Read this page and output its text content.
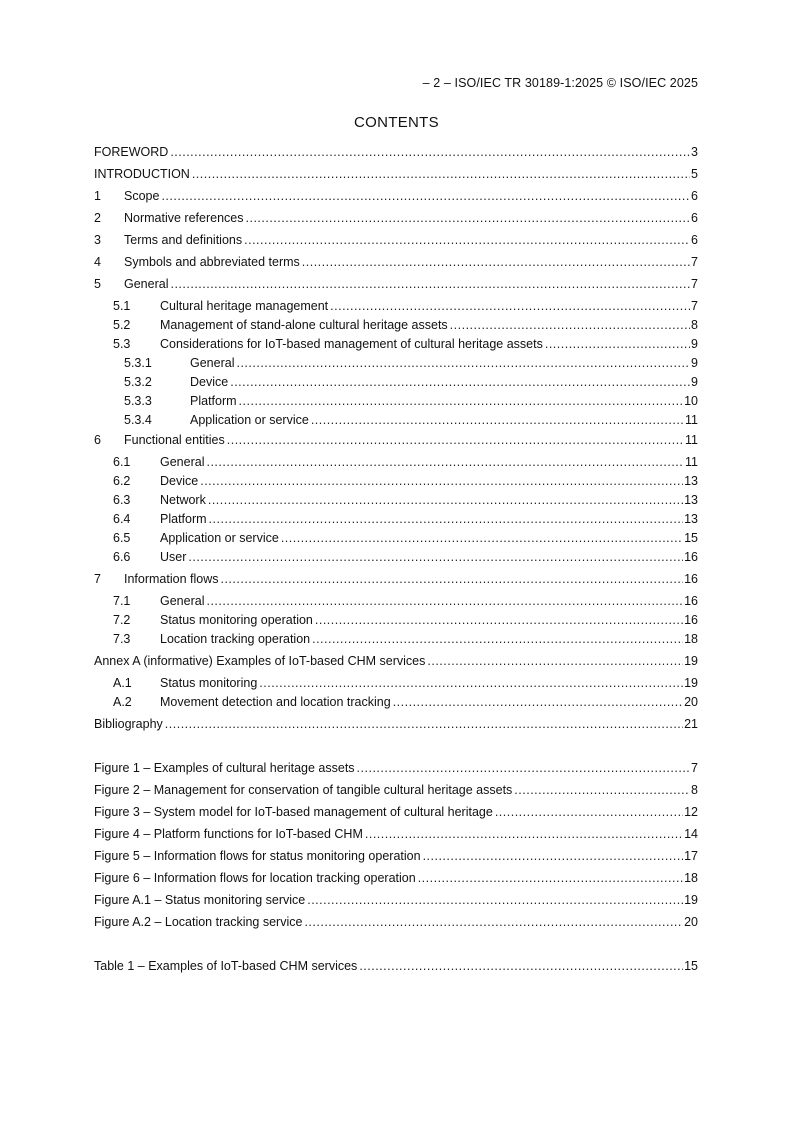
– 2 – ISO/IEC TR 30189-1:2025 © ISO/IEC 2025
CONTENTS
FOREWORD .....	3
INTRODUCTION .....	5
1	Scope .....	6
2	Normative references .....	6
3	Terms and definitions .....	6
4	Symbols and abbreviated terms .....	7
5	General .....	7
5.1	Cultural heritage management .....	7
5.2	Management of stand-alone cultural heritage assets .....	8
5.3	Considerations for IoT-based management of cultural heritage assets .....	9
5.3.1	General .....	9
5.3.2	Device .....	9
5.3.3	Platform .....	10
5.3.4	Application or service .....	11
6	Functional entities .....	11
6.1	General .....	11
6.2	Device .....	13
6.3	Network .....	13
6.4	Platform .....	13
6.5	Application or service .....	15
6.6	User .....	16
7	Information flows .....	16
7.1	General .....	16
7.2	Status monitoring operation .....	16
7.3	Location tracking operation .....	18
Annex A (informative) Examples of IoT-based CHM services .....	19
A.1	Status monitoring .....	19
A.2	Movement detection and location tracking .....	20
Bibliography .....	21
Figure 1 – Examples of cultural heritage assets .....	7
Figure 2 – Management for conservation of tangible cultural heritage assets .....	8
Figure 3 – System model for IoT-based management of cultural heritage .....	12
Figure 4 – Platform functions for IoT-based CHM .....	14
Figure 5 – Information flows for status monitoring operation .....	17
Figure 6 – Information flows for location tracking operation .....	18
Figure A.1 – Status monitoring service .....	19
Figure A.2 – Location tracking service .....	20
Table 1 – Examples of IoT-based CHM services .....	15
